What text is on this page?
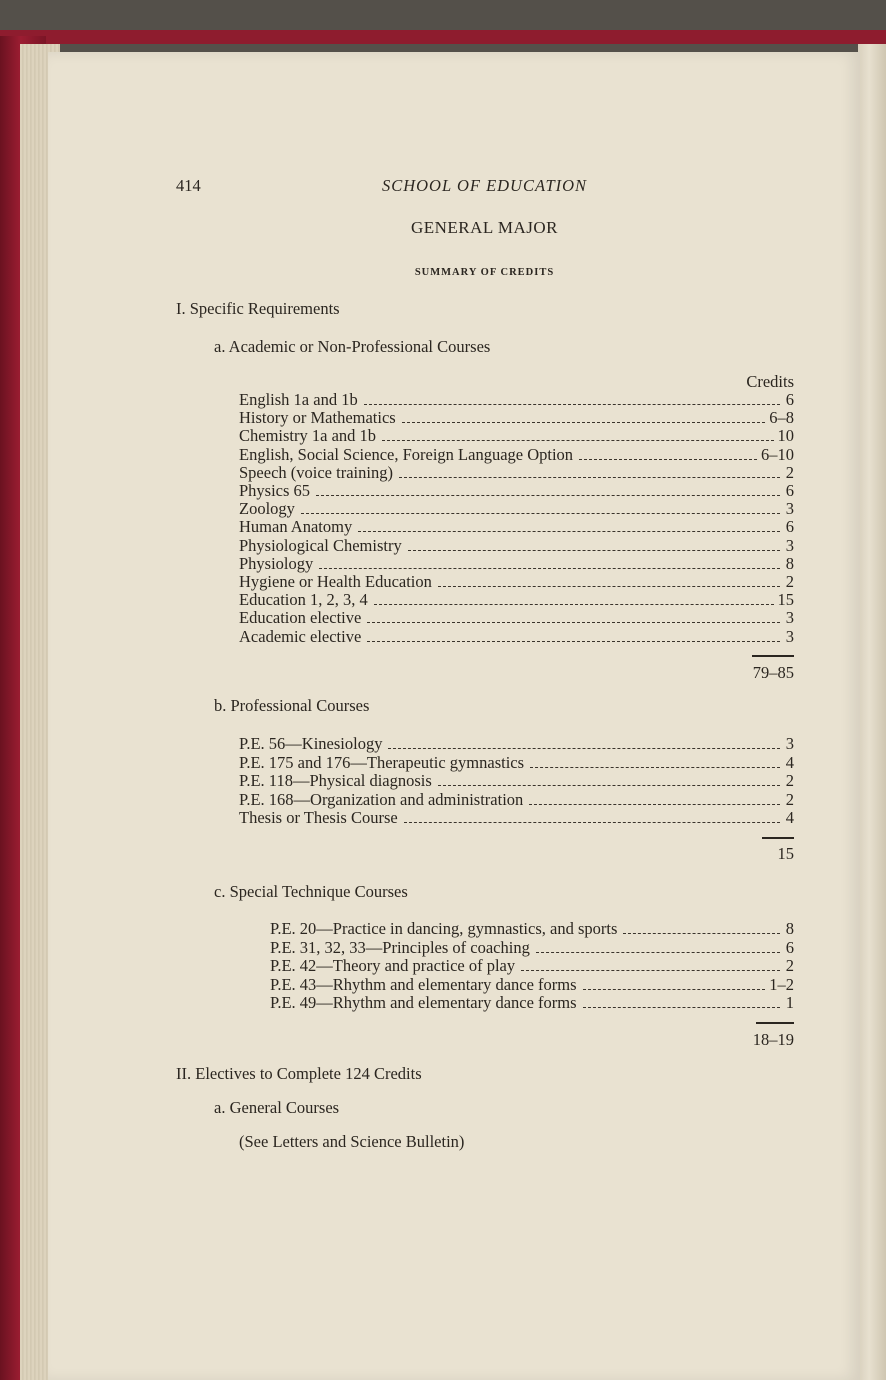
414	SCHOOL OF EDUCATION
GENERAL MAJOR
SUMMARY OF CREDITS
I. Specific Requirements
a. Academic or Non-Professional Courses
Credits
English 1a and 1b	6
History or Mathematics	6–8
Chemistry 1a and 1b	10
English, Social Science, Foreign Language Option	6–10
Speech (voice training)	2
Physics 65	6
Zoology	3
Human Anatomy	6
Physiological Chemistry	3
Physiology	8
Hygiene or Health Education	2
Education 1, 2, 3, 4	15
Education elective	3
Academic elective	3
79–85
b. Professional Courses
P.E. 56—Kinesiology	3
P.E. 175 and 176—Therapeutic gymnastics	4
P.E. 118—Physical diagnosis	2
P.E. 168—Organization and administration	2
Thesis or Thesis Course	4
15
c. Special Technique Courses
P.E. 20—Practice in dancing, gymnastics, and sports	8
P.E. 31, 32, 33—Principles of coaching	6
P.E. 42—Theory and practice of play	2
P.E. 43—Rhythm and elementary dance forms	1–2
P.E. 49—Rhythm and elementary dance forms	1
18–19
II. Electives to Complete 124 Credits
a. General Courses
(See Letters and Science Bulletin)
